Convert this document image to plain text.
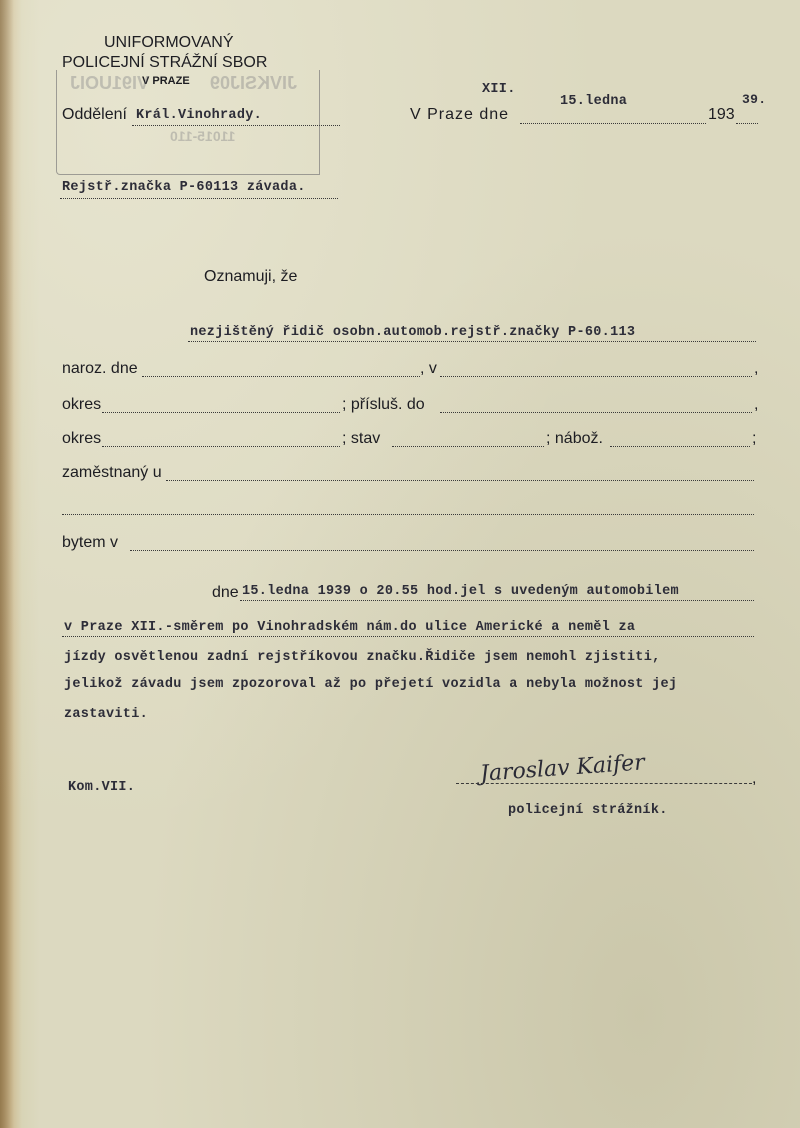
UNIFORMOVANÝ
POLICEJNÍ STRÁŽNÍ SBOR
V PRAZE
VI91UOIJ	JIVKSIJ09
11015-110
Oddělení Král.Vinohrady.
XII.
V Praze dne
15.ledna
193
39.
Rejstř.značka P-60113 závada.
Oznamuji, že
nezjištěný řidič osobn.automob.rejstř.značky P-60.113
naroz. dne	, v	,
okres	; přísluš. do	,
okres	; stav	; nábož.	;
zaměstnaný u
bytem v
dne 15.ledna 1939 o 20.55 hod.jel s uvedeným automobilem
v Praze XII.-směrem po Vinohradském nám.do ulice Americké a neměl za
jízdy osvětlenou zadní rejstříkovou značku.Řidiče jsem nemohl zjistiti,
jelikož závadu jsem zpozoroval až po přejetí vozidla a nebyla možnost jej
zastaviti.
Kom.VII.
Jaroslav Kaifer	,
policejní strážník.
